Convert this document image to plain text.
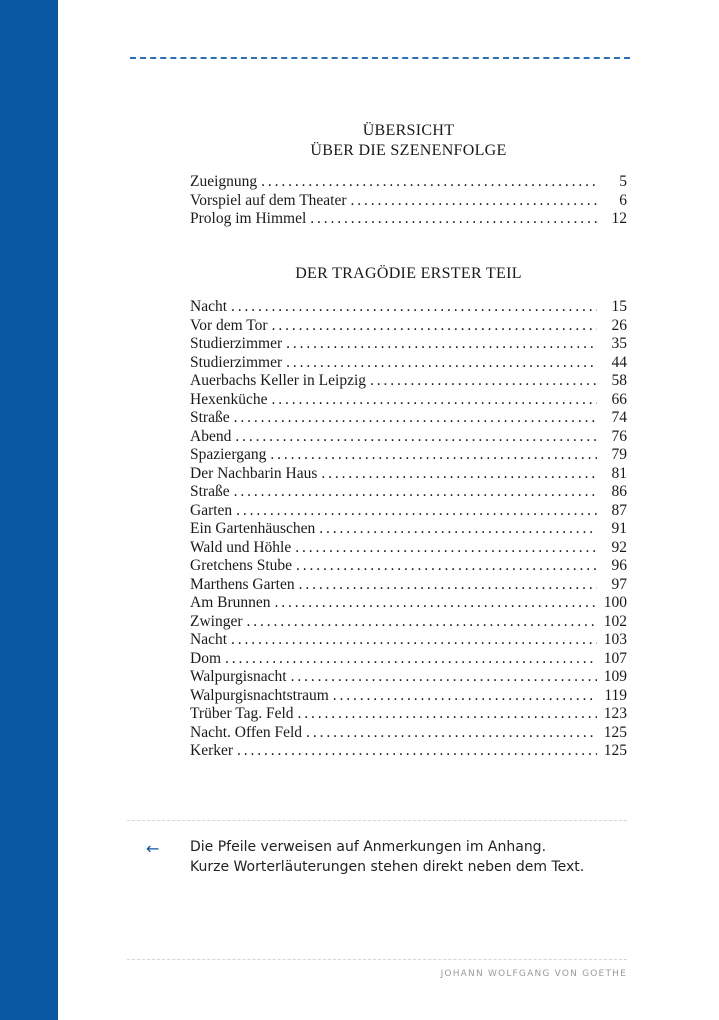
ÜBERSICHT
ÜBER DIE SZENENFOLGE
Zueignung . . .	5
Vorspiel auf dem Theater . . .	6
Prolog im Himmel . . .	12
DER TRAGÖDIE ERSTER TEIL
Nacht . . .	15
Vor dem Tor . . .	26
Studierzimmer . . .	35
Studierzimmer . . .	44
Auerbachs Keller in Leipzig . . .	58
Hexenküche . . .	66
Straße . . .	74
Abend . . .	76
Spaziergang . . .	79
Der Nachbarin Haus . . .	81
Straße . . .	86
Garten . . .	87
Ein Gartenhäuschen . . .	91
Wald und Höhle . . .	92
Gretchens Stube . . .	96
Marthens Garten . . .	97
Am Brunnen . . .	100
Zwinger . . .	102
Nacht . . .	103
Dom . . .	107
Walpurgisnacht . . .	109
Walpurgisnachtstraum . . .	119
Trüber Tag. Feld . . .	123
Nacht. Offen Feld . . .	125
Kerker . . .	125
← Die Pfeile verweisen auf Anmerkungen im Anhang.
Kurze Worterläuterungen stehen direkt neben dem Text.
JOHANN WOLFGANG VON GOETHE
